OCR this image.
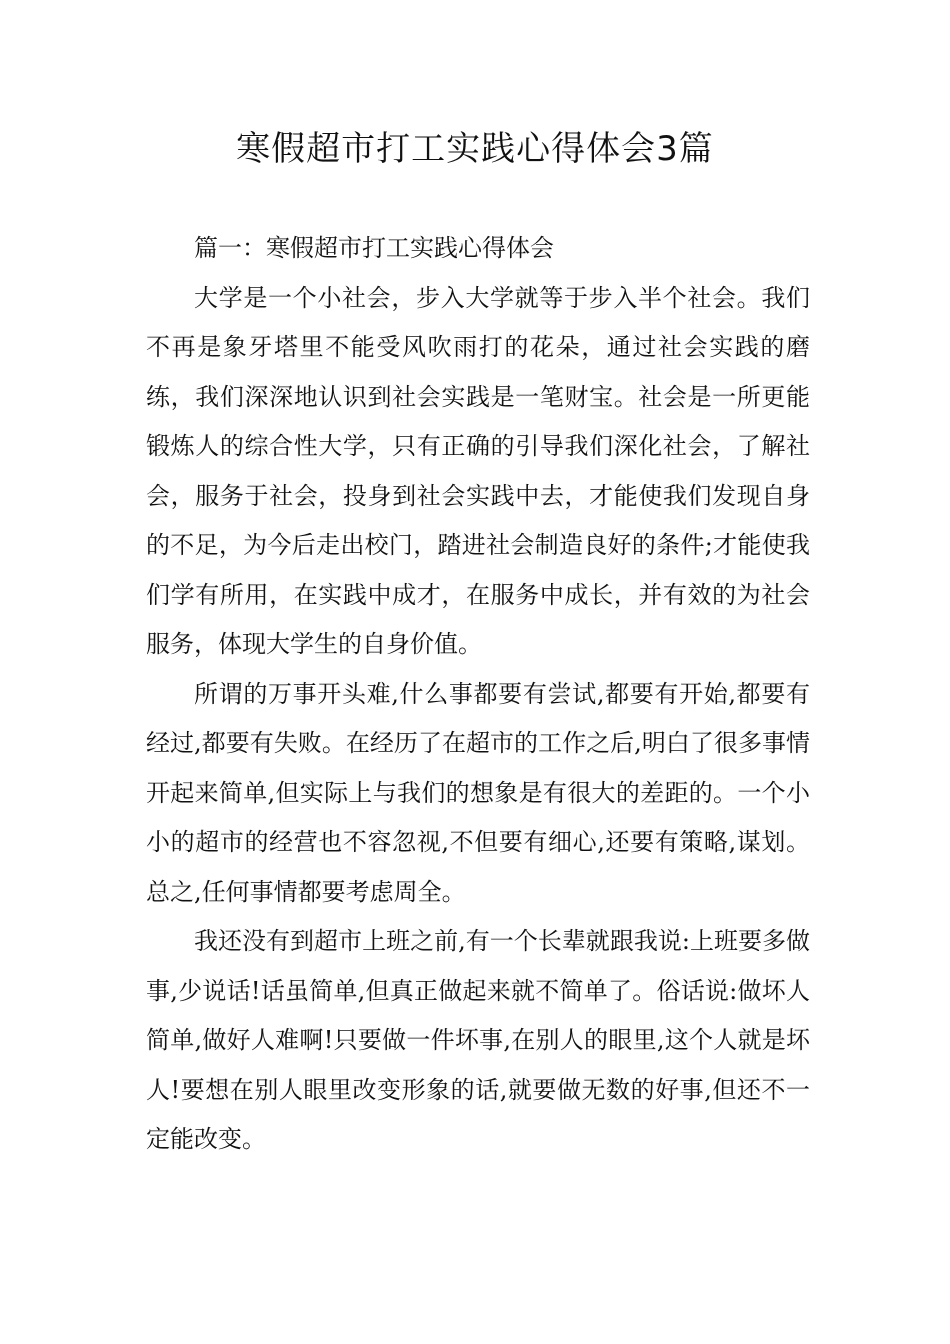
寒假超市打工实践心得体会3篇

篇一：寒假超市打工实践心得体会

大学是一个小社会，步入大学就等于步入半个社会。我们不再是象牙塔里不能受风吹雨打的花朵，通过社会实践的磨练，我们深深地认识到社会实践是一笔财宝。社会是一所更能锻炼人的综合性大学，只有正确的引导我们深化社会，了解社会，服务于社会，投身到社会实践中去，才能使我们发现自身的不足，为今后走出校门，踏进社会制造良好的条件;才能使我们学有所用，在实践中成才，在服务中成长，并有效的为社会服务，体现大学生的自身价值。

所谓的万事开头难,什么事都要有尝试,都要有开始,都要有经过,都要有失败。在经历了在超市的工作之后,明白了很多事情开起来简单,但实际上与我们的想象是有很大的差距的。一个小小的超市的经营也不容忽视,不但要有细心,还要有策略,谋划。总之,任何事情都要考虑周全。

我还没有到超市上班之前,有一个长辈就跟我说:上班要多做事,少说话!话虽简单,但真正做起来就不简单了。俗话说:做坏人简单,做好人难啊!只要做一件坏事,在别人的眼里,这个人就是坏人!要想在别人眼里改变形象的话,就要做无数的好事,但还不一定能改变。
